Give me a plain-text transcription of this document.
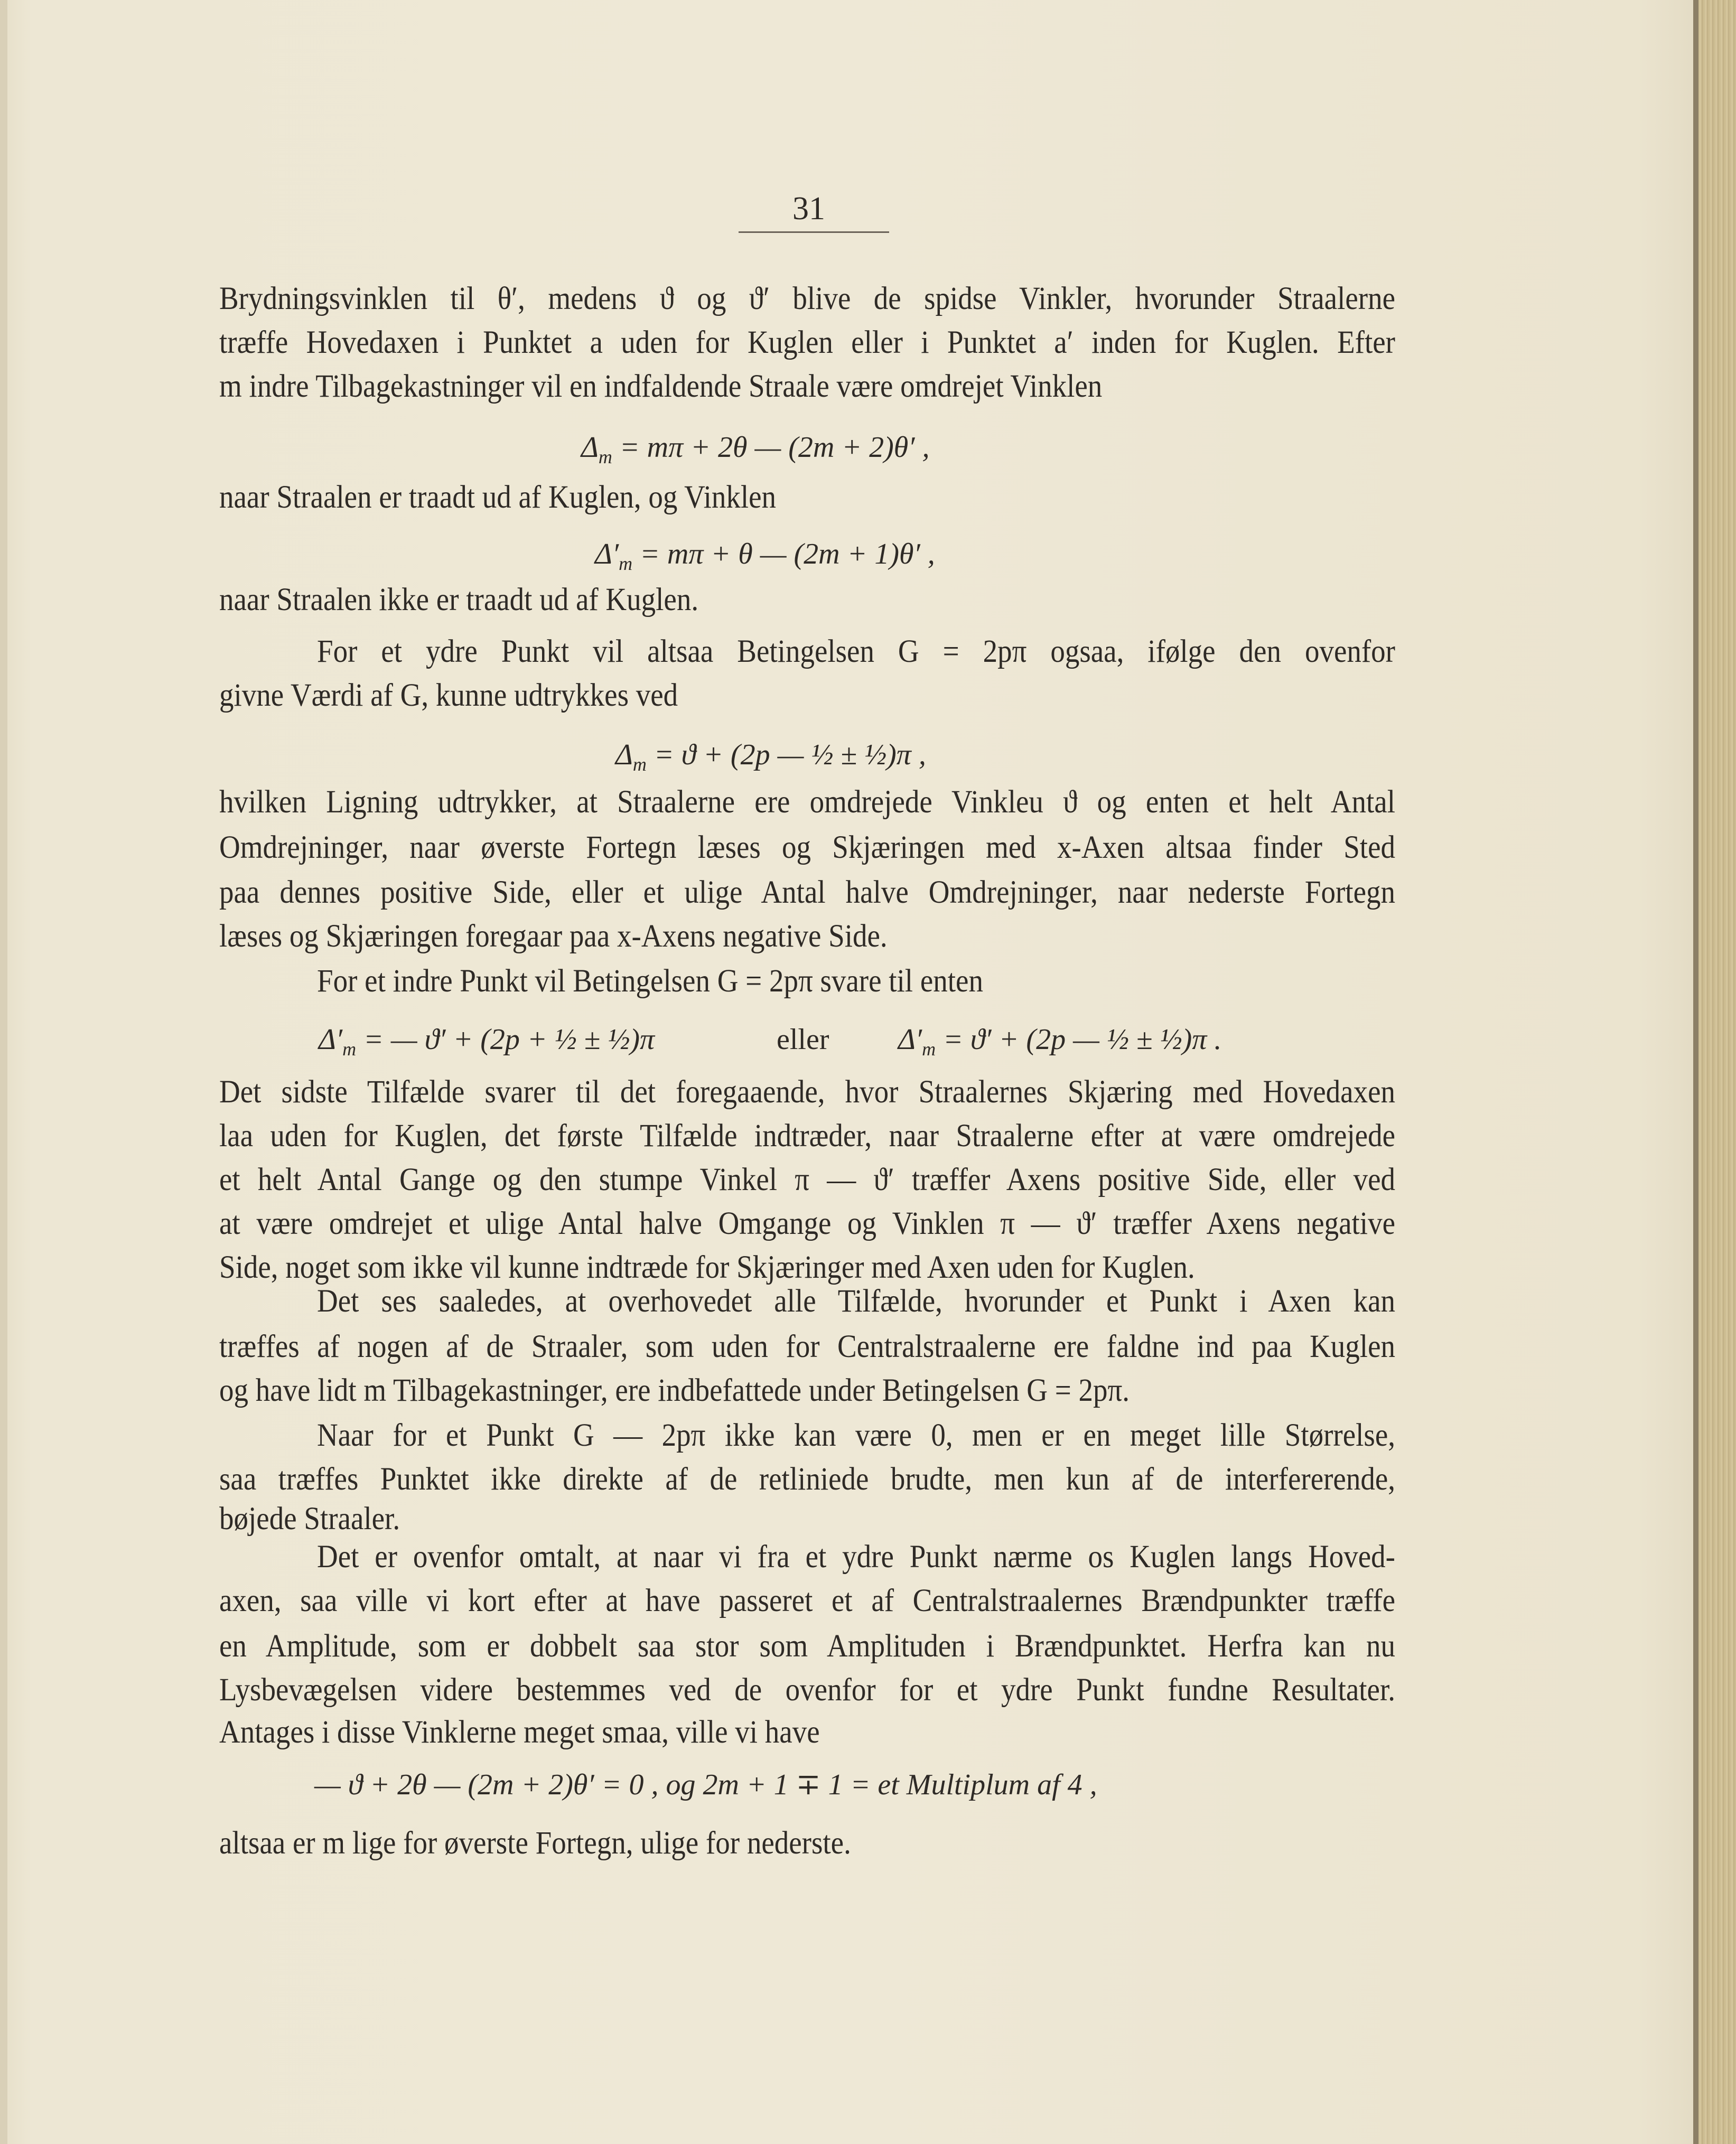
31
Brydningsvinklen til θ′, medens ϑ og ϑ′ blive de spidse Vinkler, hvorunder Straalerne
træffe Hovedaxen i Punktet a uden for Kuglen eller i Punktet a′ inden for Kuglen. Efter
m indre Tilbagekastninger vil en indfaldende Straale være omdrejet Vinklen
$\Delta_m = m\pi + 2\theta$ — (2m + 2)θ′ ,
naar Straalen er traadt ud af Kuglen, og Vinklen
$\Delta'_m = m\pi + \theta$ — (2m + 1)θ′ ,
naar Straalen ikke er traadt ud af Kuglen.
For et ydre Punkt vil altsaa Betingelsen G = 2pπ ogsaa, ifølge den ovenfor
givne Værdi af G, kunne udtrykkes ved
$\Delta_m = ϑ + (2p$ — ½ ± ½)π ,
hvilken Ligning udtrykker, at Straalerne ere omdrejede Vinkleu ϑ og enten et helt Antal
Omdrejninger, naar øverste Fortegn læses og Skjæringen med x-Axen altsaa finder Sted
paa dennes positive Side, eller et ulige Antal halve Omdrejninger, naar nederste Fortegn
læses og Skjæringen foregaar paa x-Axens negative Side.
For et indre Punkt vil Betingelsen G = 2pπ svare til enten
$\Delta'_m$ = — ϑ′ + (2p + ½ ± ½)π	eller $\Delta'_m = ϑ' + (2p$ — ½ ± ½)π .
Det sidste Tilfælde svarer til det foregaaende, hvor Straalernes Skjæring med Hovedaxen
laa uden for Kuglen, det første Tilfælde indtræder, naar Straalerne efter at være omdrejede
et helt Antal Gange og den stumpe Vinkel π — ϑ′ træffer Axens positive Side, eller ved
at være omdrejet et ulige Antal halve Omgange og Vinklen π — ϑ′ træffer Axens negative
Side, noget som ikke vil kunne indtræde for Skjæringer med Axen uden for Kuglen.
Det ses saaledes, at overhovedet alle Tilfælde, hvorunder et Punkt i Axen kan
træffes af nogen af de Straaler, som uden for Centralstraalerne ere faldne ind paa Kuglen
og have lidt m Tilbagekastninger, ere indbefattede under Betingelsen G = 2pπ.
Naar for et Punkt G — 2pπ ikke kan være 0, men er en meget lille Størrelse,
saa træffes Punktet ikke direkte af de retliniede brudte, men kun af de interfererende,
bøjede Straaler.
Det er ovenfor omtalt, at naar vi fra et ydre Punkt nærme os Kuglen langs Hoved-
axen, saa ville vi kort efter at have passeret et af Centralstraalernes Brændpunkter træffe
en Amplitude, som er dobbelt saa stor som Amplituden i Brændpunktet. Herfra kan nu
Lysbevægelsen videre bestemmes ved de ovenfor for et ydre Punkt fundne Resultater.
Antages i disse Vinklerne meget smaa, ville vi have
— ϑ + 2θ — (2m + 2)θ′ = 0 , og 2m + 1 ∓ 1 = et Multiplum af 4 ,
altsaa er m lige for øverste Fortegn, ulige for nederste.
